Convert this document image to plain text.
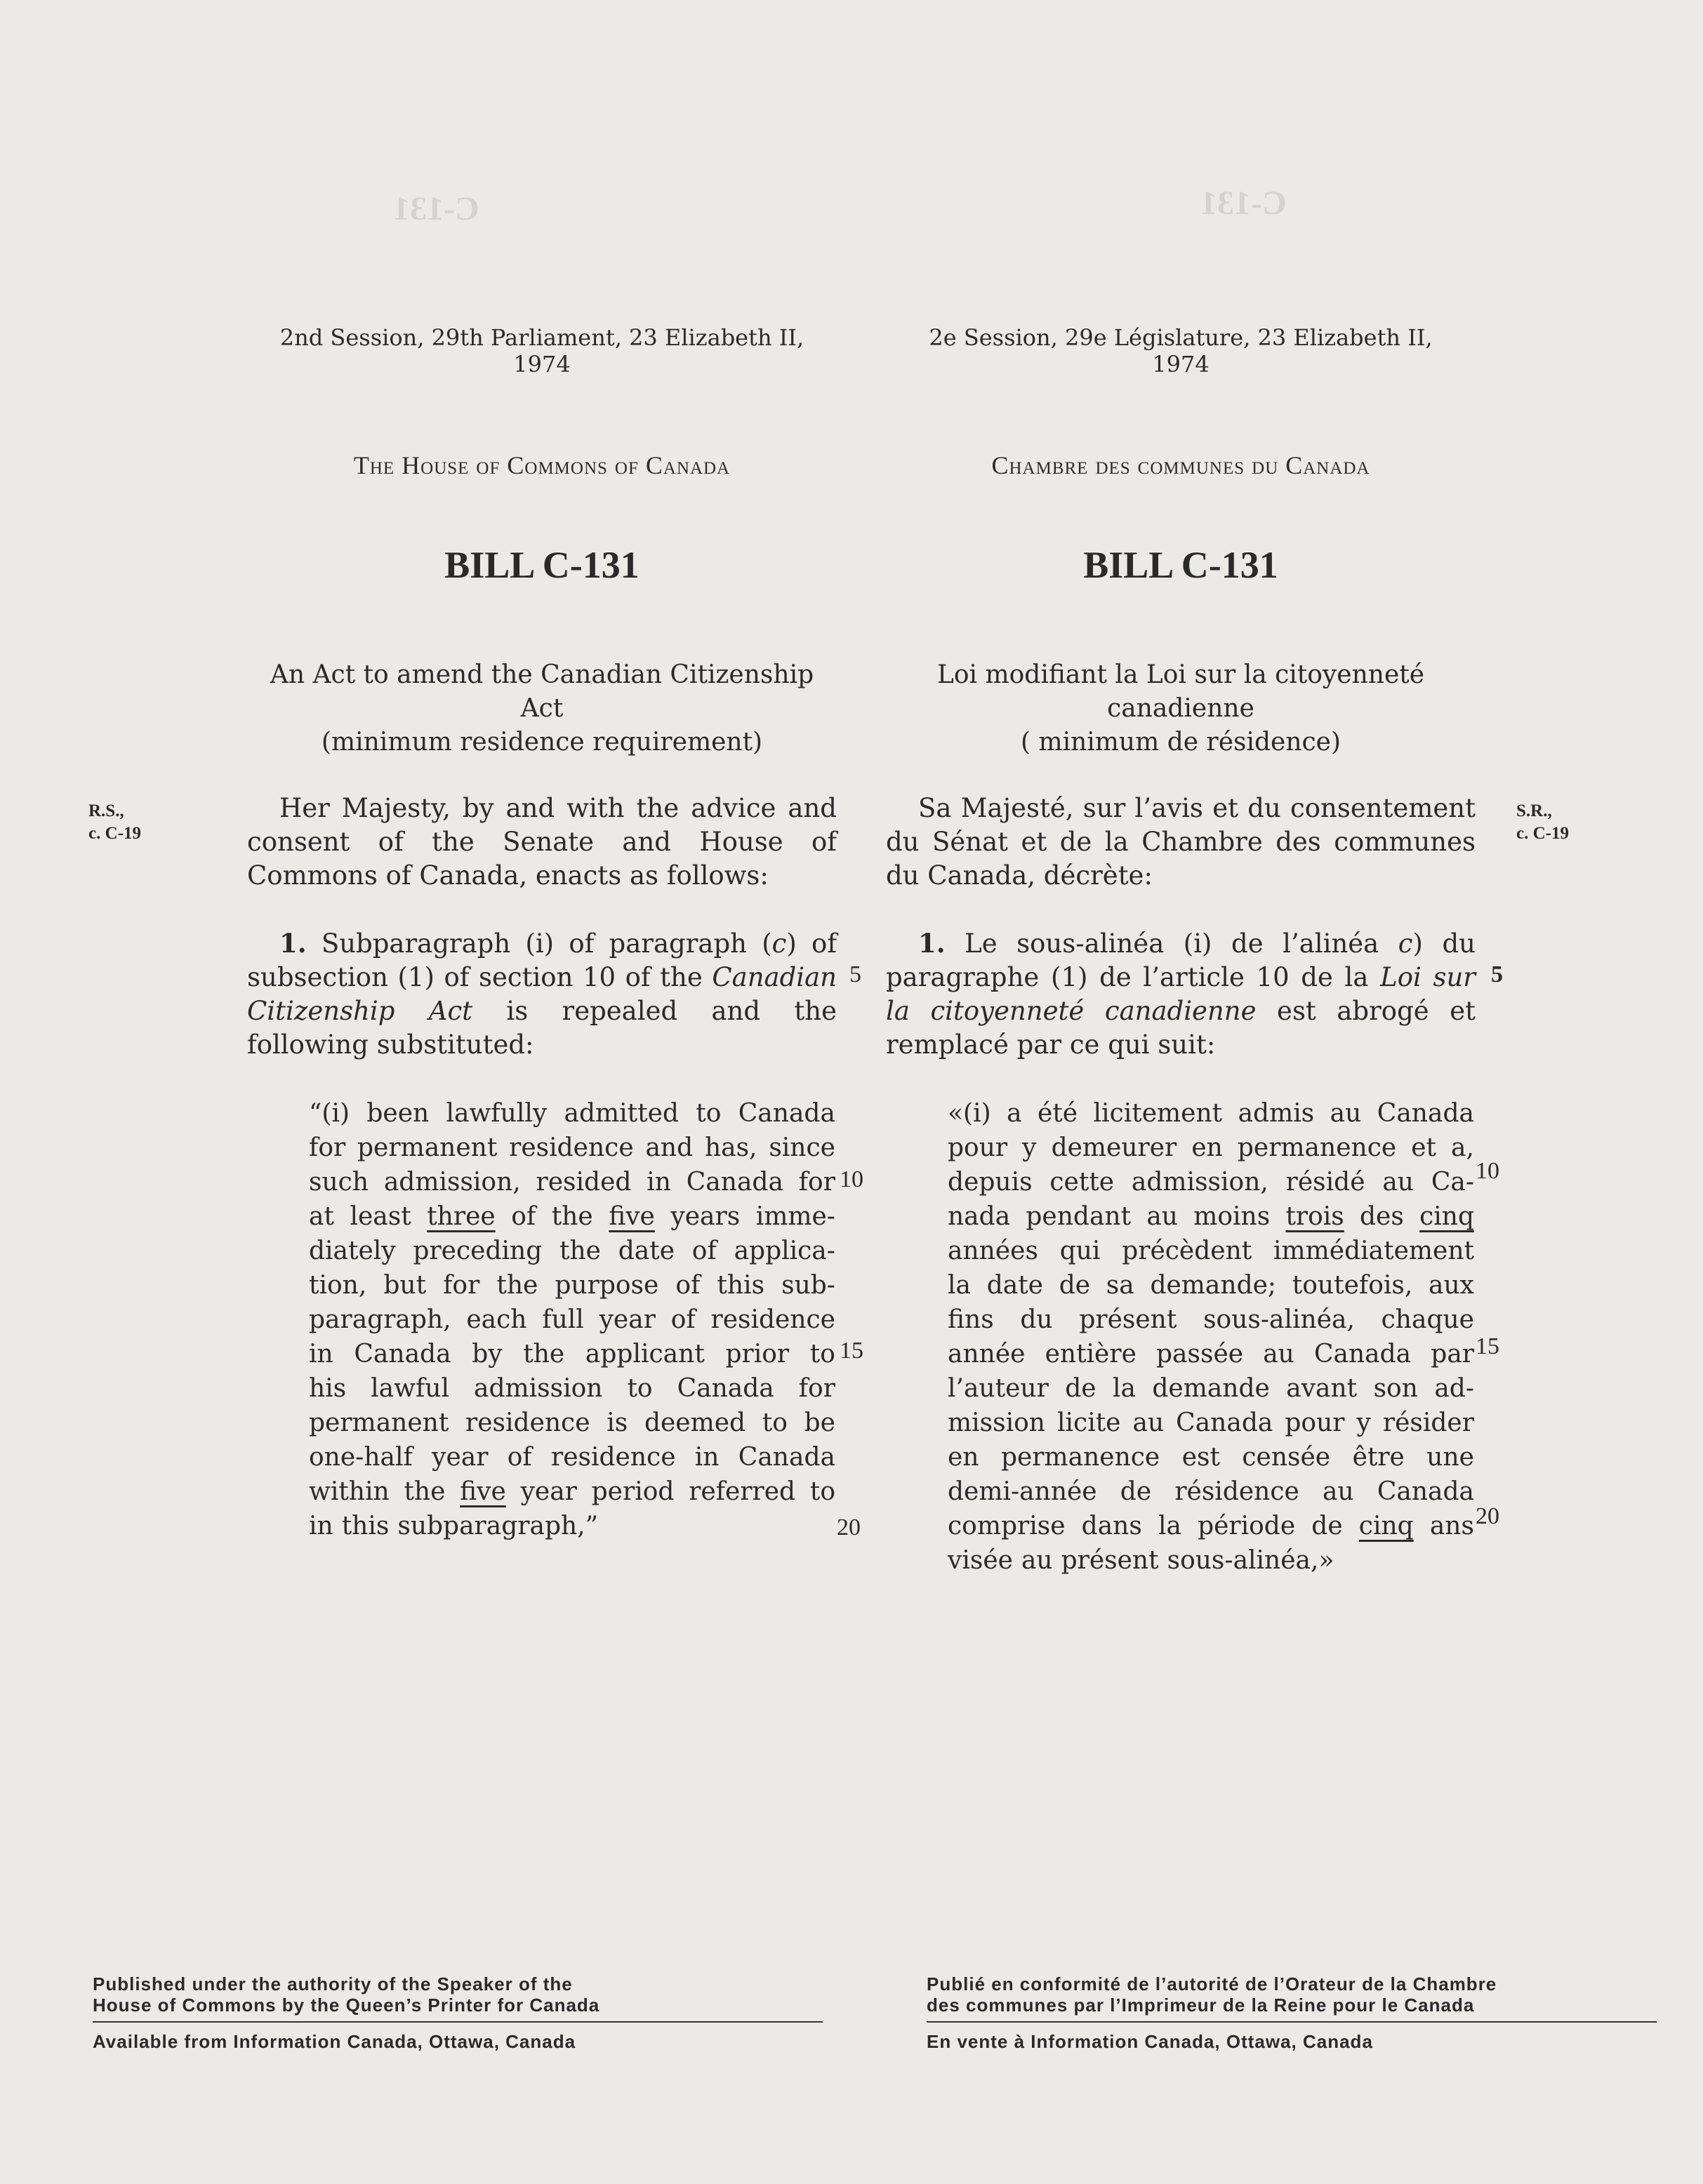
C-131	C-131
2nd Session, 29th Parliament, 23 Elizabeth II,
1974
The House of Commons of Canada
BILL C-131
An Act to amend the Canadian Citizenship
Act
(minimum residence requirement)
Her Majesty, by and with the advice and consent of the Senate and House of Commons of Canada, enacts as follows:
1. Subparagraph (i) of paragraph (c) of subsection (1) of section 10 of the Canadian Citizenship Act is repealed and the following substituted:
“(i) been lawfully admitted to Canada
for permanent residence and has, since
such admission, resided in Canada for
at least three of the five years imme-
diately preceding the date of applica-
tion, but for the purpose of this sub-
paragraph, each full year of residence
in Canada by the applicant prior to
his lawful admission to Canada for
permanent residence is deemed to be
one-half year of residence in Canada
within the five year period referred to
in this subparagraph,”
R.S.,
c. C-19
5
10
15
20
2e Session, 29e Législature, 23 Elizabeth II,
1974
Chambre des communes du Canada
BILL C-131
Loi modifiant la Loi sur la citoyenneté
canadienne
( minimum de résidence)
Sa Majesté, sur l’avis et du consentement du Sénat et de la Chambre des communes du Canada, décrète:
1. Le sous-alinéa (i) de l’alinéa c) du paragraphe (1) de l’article 10 de la Loi sur la citoyenneté canadienne est abrogé et remplacé par ce qui suit:
«(i) a été licitement admis au Canada
pour y demeurer en permanence et a,
depuis cette admission, résidé au Ca-
nada pendant au moins trois des cinq
années qui précèdent immédiatement
la date de sa demande; toutefois, aux
fins du présent sous-alinéa, chaque
année entière passée au Canada par
l’auteur de la demande avant son ad-
mission licite au Canada pour y résider
en permanence est censée être une
demi-année de résidence au Canada
comprise dans la période de cinq ans
visée au présent sous-alinéa,»
S.R.,
c. C-19
5
10
15
20
Published under the authority of the Speaker of the
House of Commons by the Queen’s Printer for Canada
Available from Information Canada, Ottawa, Canada
Publié en conformité de l’autorité de l’Orateur de la Chambre
des communes par l’Imprimeur de la Reine pour le Canada
En vente à Information Canada, Ottawa, Canada
